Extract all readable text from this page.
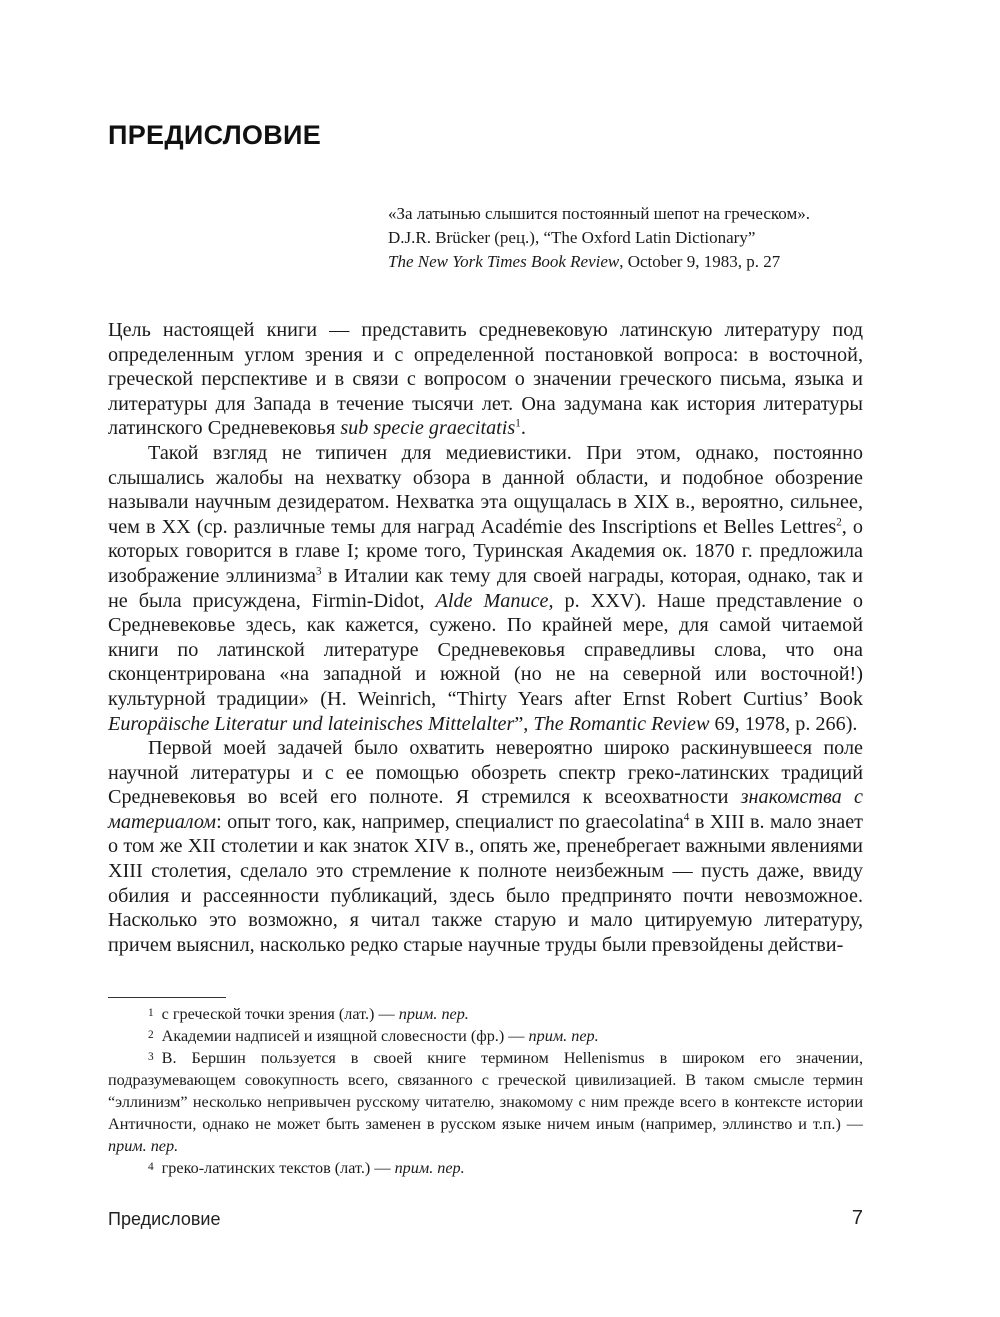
ПРЕДИСЛОВИЕ
«За латынью слышится постоянный шепот на греческом».
D.J.R. Brücker (рец.), “The Oxford Latin Dictionary”
The New York Times Book Review, October 9, 1983, p. 27

Цель настоящей книги — представить средневековую латинскую литературу под определенным углом зрения и с определенной постановкой вопроса: в восточной, греческой перспективе и в связи с вопросом о значении греческого письма, языка и литературы для Запада в течение тысячи лет. Она задумана как история литературы латинского Средневековья sub specie graecitatis$^1$.

Такой взгляд не типичен для медиевистики. При этом, однако, постоянно слышались жалобы на нехватку обзора в данной области, и подобное обозрение называли научным дезидератом. Нехватка эта ощущалась в XIX в., вероятно, сильнее, чем в XX (ср. различные темы для наград Académie des Inscriptions et Belles Lettres$^2$, о которых говорится в главе I; кроме того, Туринская Академия ок. 1870 г. предложила изображение эллинизма$^3$ в Италии как тему для своей награды, которая, однако, так и не была присуждена, Firmin-Didot, Alde Manuce, p. XXV). Наше представление о Средневековье здесь, как кажется, сужено. По крайней мере, для самой читаемой книги по латинской литературе Средневековья справедливы слова, что она сконцентрирована «на западной и южной (но не на северной или восточной!) культурной традиции» (H. Weinrich, “Thirty Years after Ernst Robert Curtius’ Book Europäische Literatur und lateinisches Mittelalter”, The Romantic Review 69, 1978, p. 266).

Первой моей задачей было охватить невероятно широко раскинувшееся поле научной литературы и с ее помощью обозреть спектр греко-латинских традиций Средневековья во всей его полноте. Я стремился к всеохватности знакомства с материалом: опыт того, как, например, специалист по graecolatina$^4$ в XIII в. мало знает о том же XII столетии и как знаток XIV в., опять же, пренебрегает важными явлениями XIII столетия, сделало это стремление к полноте неизбежным — пусть даже, ввиду обилия и рассеянности публикаций, здесь было предпринято почти невозможное. Насколько это возможно, я читал также старую и мало цитируемую литературу, причем выяснил, насколько редко старые научные труды были превзойдены действи-

$^1$ с греческой точки зрения (лат.) — прим. пер.

$^2$ Академии надписей и изящной словесности (фр.) — прим. пер.

$^3$ В. Бершин пользуется в своей книге термином Hellenismus в широком его значении, подразумевающем совокупность всего, связанного с греческой цивилизацией. В таком смысле термин “эллинизм” несколько непривычен русскому читателю, знакомому с ним прежде всего в контексте истории Античности, однако не может быть заменен в русском языке ничем иным (например, эллинство и т.п.) — прим. пер.

$^4$ греко-латинских текстов (лат.) — прим. пер.

Предисловие	7
